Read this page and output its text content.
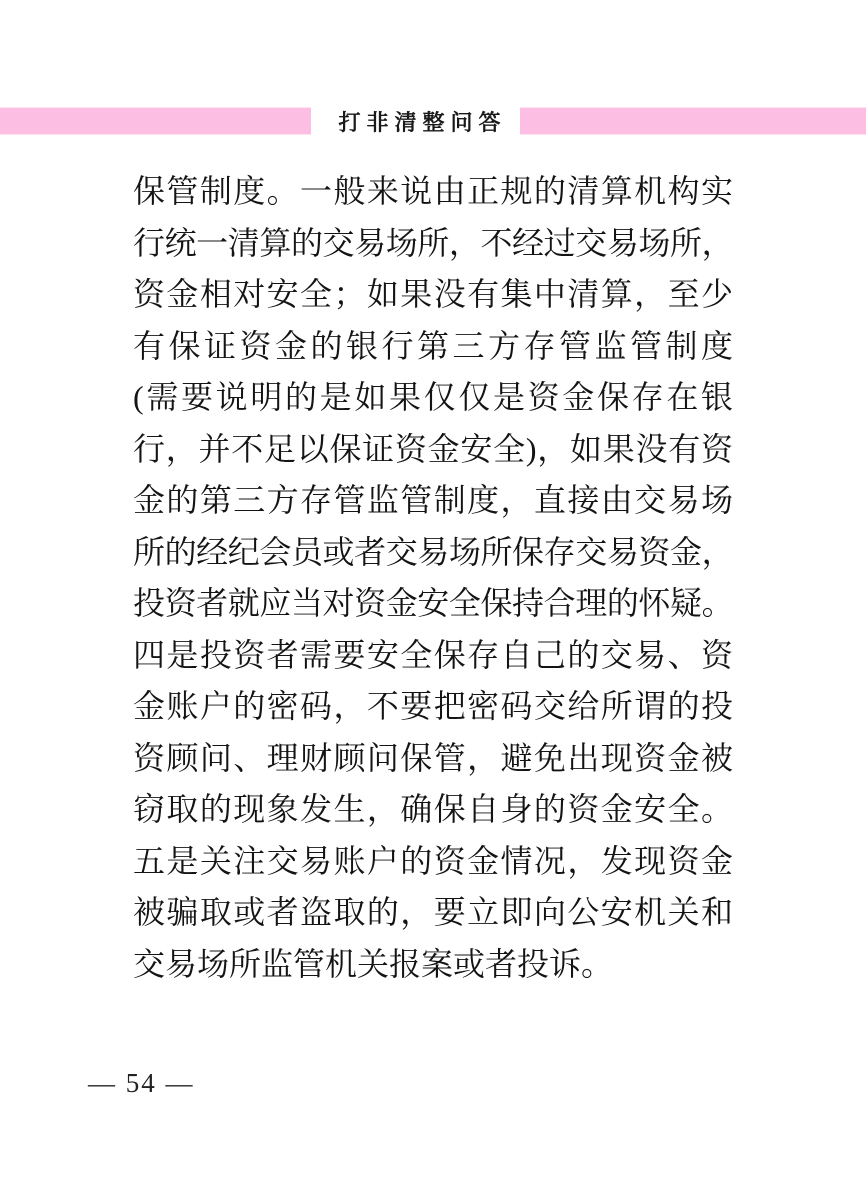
打非清整问答
保管制度。一般来说由正规的清算机构实
行统一清算的交易场所，不经过交易场所，
资金相对安全；如果没有集中清算，至少
有保证资金的银行第三方存管监管制度
(需要说明的是如果仅仅是资金保存在银
行，并不足以保证资金安全)，如果没有资
金的第三方存管监管制度，直接由交易场
所的经纪会员或者交易场所保存交易资金，
投资者就应当对资金安全保持合理的怀疑。
四是投资者需要安全保存自己的交易、资
金账户的密码，不要把密码交给所谓的投
资顾问、理财顾问保管，避免出现资金被
窃取的现象发生，确保自身的资金安全。
五是关注交易账户的资金情况，发现资金
被骗取或者盗取的，要立即向公安机关和
交易场所监管机关报案或者投诉。
— 54 —
